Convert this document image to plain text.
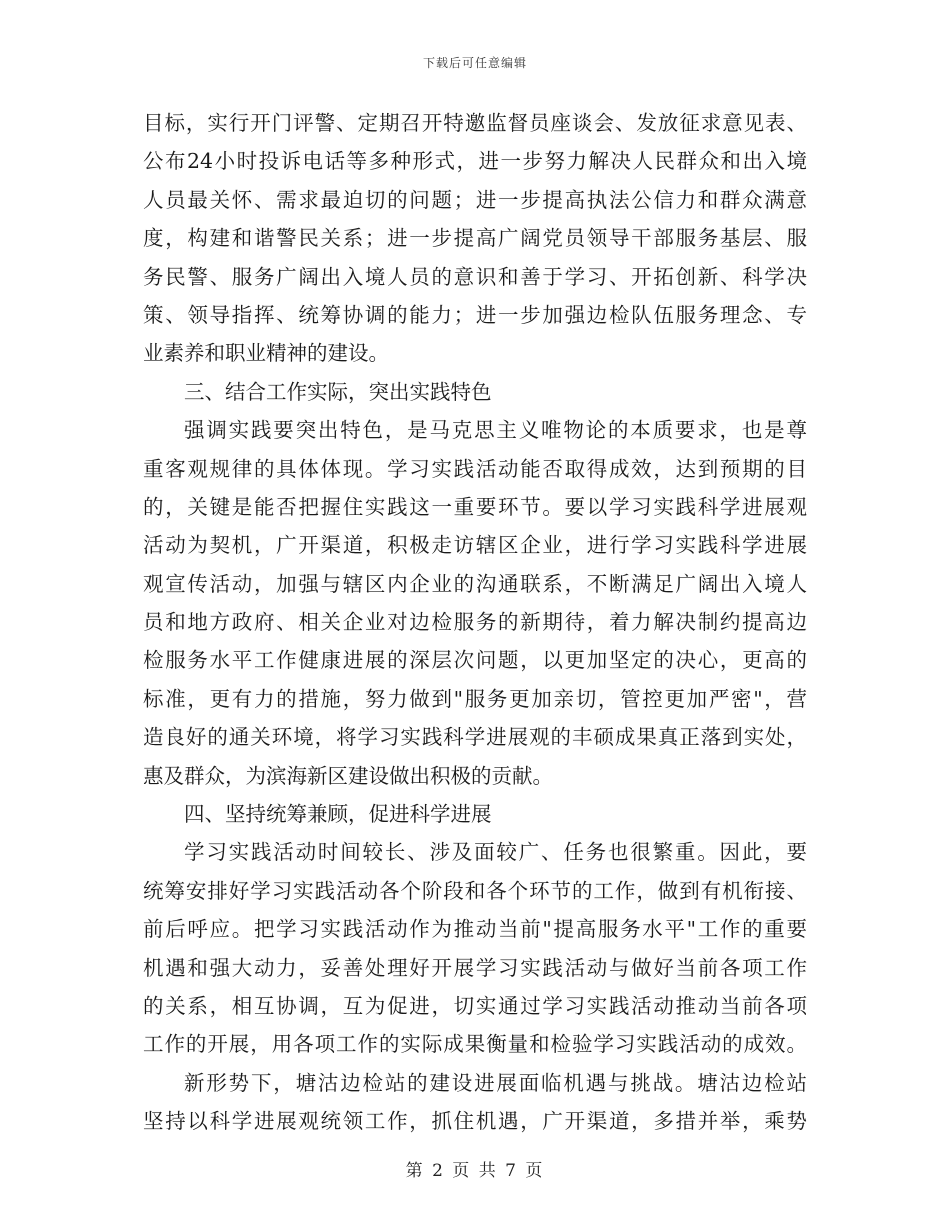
下载后可任意编辑
目标，实行开门评警、定期召开特邀监督员座谈会、发放征求意见表、
公布24小时投诉电话等多种形式，进一步努力解决人民群众和出入境
人员最关怀、需求最迫切的问题；进一步提高执法公信力和群众满意
度，构建和谐警民关系；进一步提高广阔党员领导干部服务基层、服
务民警、服务广阔出入境人员的意识和善于学习、开拓创新、科学决
策、领导指挥、统筹协调的能力；进一步加强边检队伍服务理念、专
业素养和职业精神的建设。
三、结合工作实际，突出实践特色
强调实践要突出特色，是马克思主义唯物论的本质要求，也是尊
重客观规律的具体体现。学习实践活动能否取得成效，达到预期的目
的，关键是能否把握住实践这一重要环节。要以学习实践科学进展观
活动为契机，广开渠道，积极走访辖区企业，进行学习实践科学进展
观宣传活动，加强与辖区内企业的沟通联系，不断满足广阔出入境人
员和地方政府、相关企业对边检服务的新期待，着力解决制约提高边
检服务水平工作健康进展的深层次问题，以更加坚定的决心，更高的
标准，更有力的措施，努力做到"服务更加亲切，管控更加严密"，营
造良好的通关环境，将学习实践科学进展观的丰硕成果真正落到实处，
惠及群众，为滨海新区建设做出积极的贡献。
四、坚持统筹兼顾，促进科学进展
学习实践活动时间较长、涉及面较广、任务也很繁重。因此，要
统筹安排好学习实践活动各个阶段和各个环节的工作，做到有机衔接、
前后呼应。把学习实践活动作为推动当前"提高服务水平"工作的重要
机遇和强大动力，妥善处理好开展学习实践活动与做好当前各项工作
的关系，相互协调，互为促进，切实通过学习实践活动推动当前各项
工作的开展，用各项工作的实际成果衡量和检验学习实践活动的成效。
新形势下，塘沽边检站的建设进展面临机遇与挑战。塘沽边检站
坚持以科学进展观统领工作，抓住机遇，广开渠道，多措并举，乘势
第 2 页 共 7 页
